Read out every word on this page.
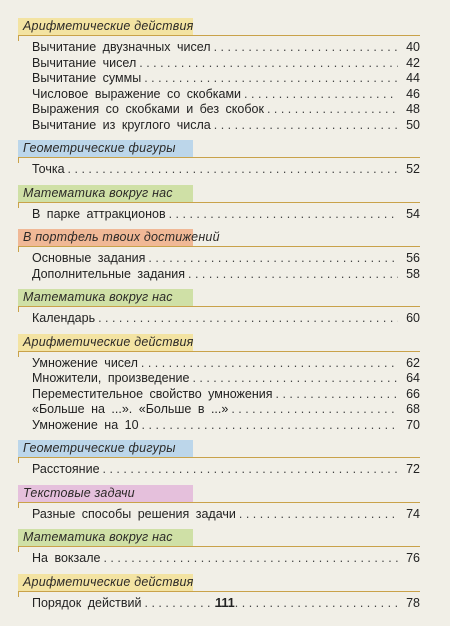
Арифметические действия
Вычитание двузначных чисел . . .	40
Вычитание чисел . . .	42
Вычитание суммы . . .	44
Числовое выражение со скобками . . .	46
Выражения со скобками и без скобок . . .	48
Вычитание из круглого числа . . .	50
Геометрические фигуры
Точка . . .	52
Математика вокруг нас
В парке аттракционов . . .	54
В портфель твоих достижений
Основные задания . . .	56
Дополнительные задания . . .	58
Математика вокруг нас
Календарь . . .	60
Арифметические действия
Умножение чисел . . .	62
Множители, произведение . . .	64
Переместительное свойство умножения . . .	66
«Больше на ...». «Больше в ...» . . .	68
Умножение на 10 . . .	70
Геометрические фигуры
Расстояние . . .	72
Текстовые задачи
Разные способы решения задачи . . .	74
Математика вокруг нас
На вокзале . . .	76
Арифметические действия
Порядок действий . . .	78
111
